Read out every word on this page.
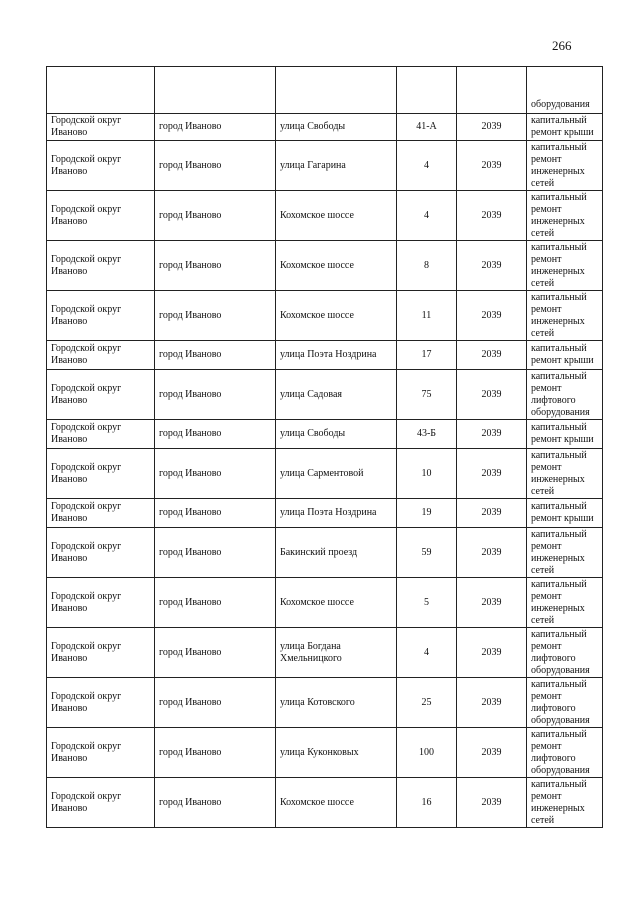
266
					оборудования
Городской округ Иваново	город Иваново	улица Свободы	41-А	2039	капитальный ремонт крыши
Городской округ Иваново	город Иваново	улица Гагарина	4	2039	капитальный ремонт инженерных сетей
Городской округ Иваново	город Иваново	Кохомское шоссе	4	2039	капитальный ремонт инженерных сетей
Городской округ Иваново	город Иваново	Кохомское шоссе	8	2039	капитальный ремонт инженерных сетей
Городской округ Иваново	город Иваново	Кохомское шоссе	11	2039	капитальный ремонт инженерных сетей
Городской округ Иваново	город Иваново	улица Поэта Ноздрина	17	2039	капитальный ремонт крыши
Городской округ Иваново	город Иваново	улица Садовая	75	2039	капитальный ремонт лифтового оборудования
Городской округ Иваново	город Иваново	улица Свободы	43-Б	2039	капитальный ремонт крыши
Городской округ Иваново	город Иваново	улица Сарментовой	10	2039	капитальный ремонт инженерных сетей
Городской округ Иваново	город Иваново	улица Поэта Ноздрина	19	2039	капитальный ремонт крыши
Городской округ Иваново	город Иваново	Бакинский проезд	59	2039	капитальный ремонт инженерных сетей
Городской округ Иваново	город Иваново	Кохомское шоссе	5	2039	капитальный ремонт инженерных сетей
Городской округ Иваново	город Иваново	улица Богдана Хмельницкого	4	2039	капитальный ремонт лифтового оборудования
Городской округ Иваново	город Иваново	улица Котовского	25	2039	капитальный ремонт лифтового оборудования
Городской округ Иваново	город Иваново	улица Куконковых	100	2039	капитальный ремонт лифтового оборудования
Городской округ Иваново	город Иваново	Кохомское шоссе	16	2039	капитальный ремонт инженерных сетей
